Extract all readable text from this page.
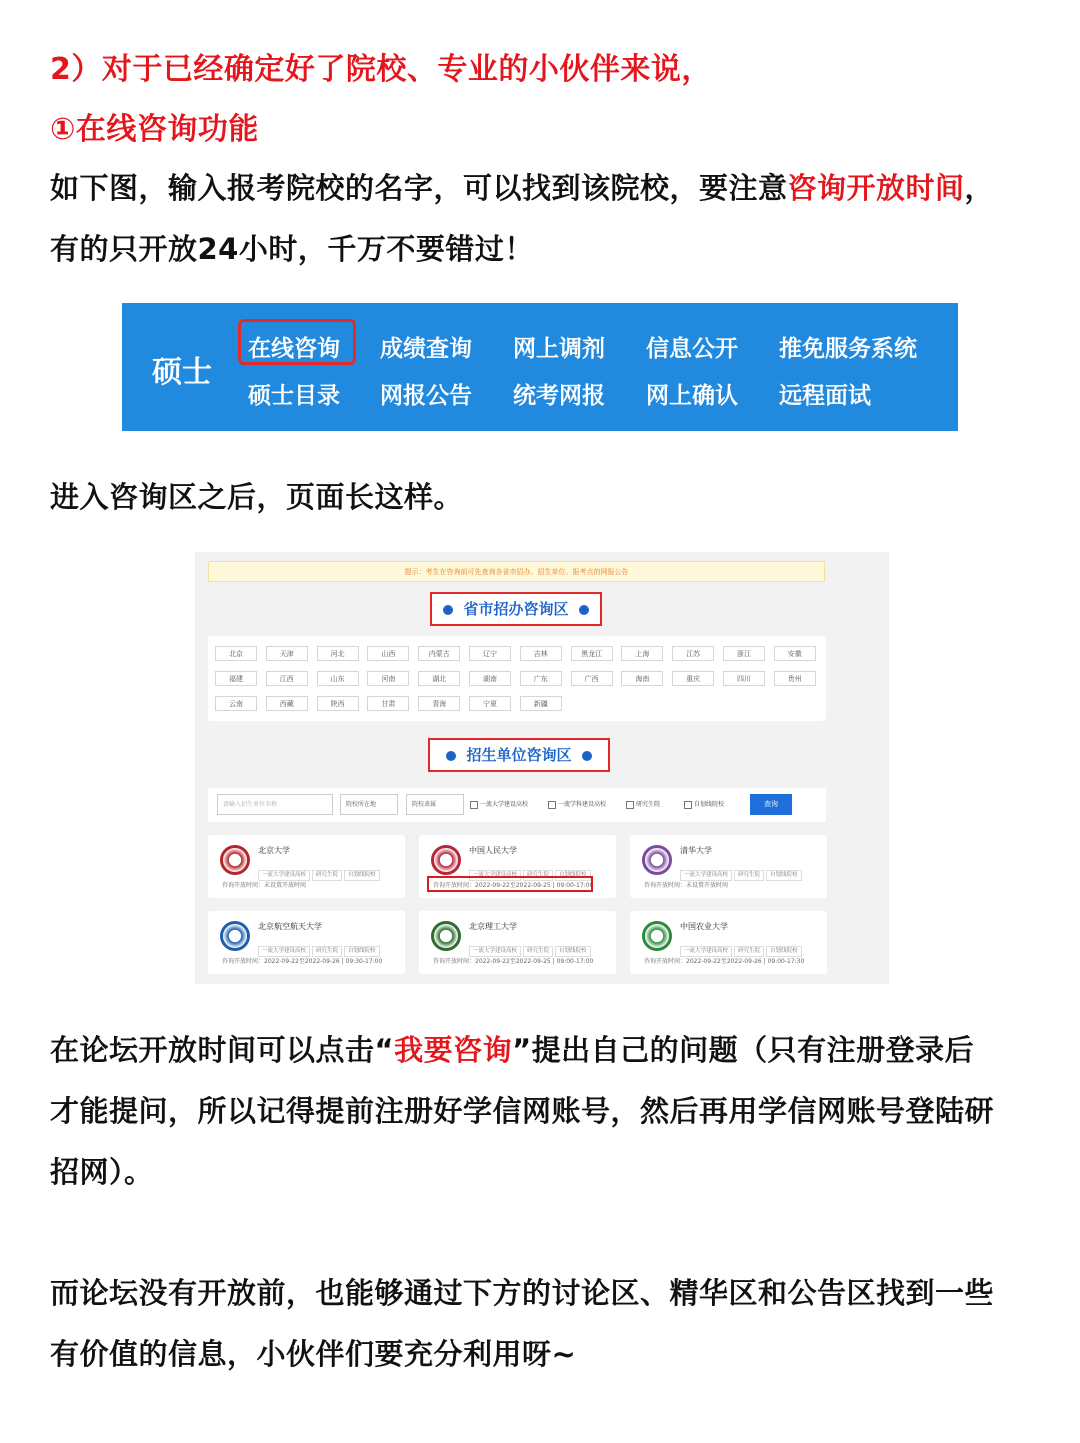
2）对于已经确定好了院校、专业的小伙伴来说，
①在线咨询功能
如下图，输入报考院校的名字，可以找到该院校，要注意咨询开放时间，
有的只开放24小时，千万不要错过！
硕士
在线咨询 成绩查询 网上调剂 信息公开 推免服务系统
硕士目录 网报公告 统考网报 网上确认 远程面试
进入咨询区之后，页面长这样。
提示：考生在咨询前可先查询各省市招办、招生单位、报考点的网报公告
省市招办咨询区
北京	天津	河北	山西	内蒙古	辽宁	吉林	黑龙江	上海	江苏	浙江	安徽
福建	江西	山东	河南	湖北	湖南	广东	广西	海南	重庆	四川	贵州
云南	西藏	陕西	甘肃	青海	宁夏	新疆
招生单位咨询区
请输入招生单位名称	院校所在地	院校隶属	一流大学建设高校	一流学科建设高校	研究生院	自划线院校	查询
北京大学
一流大学建设高校 研究生院 自划线院校
咨询开放时间：未设置开放时间
中国人民大学
一流大学建设高校 研究生院 自划线院校
咨询开放时间：2022-09-22至2022-09-25 | 09:00-17:00
清华大学
一流大学建设高校 研究生院 自划线院校
咨询开放时间：未设置开放时间
北京航空航天大学
一流大学建设高校 研究生院 自划线院校
咨询开放时间：2022-09-22至2022-09-26 | 09:30-17:00
北京理工大学
一流大学建设高校 研究生院 自划线院校
咨询开放时间：2022-09-22至2022-09-25 | 09:00-17:00
中国农业大学
一流大学建设高校 研究生院 自划线院校
咨询开放时间：2022-09-22至2022-09-26 | 09:00-17:30
在论坛开放时间可以点击“我要咨询”提出自己的问题（只有注册登录后
才能提问，所以记得提前注册好学信网账号，然后再用学信网账号登陆研
招网）。
而论坛没有开放前，也能够通过下方的讨论区、精华区和公告区找到一些
有价值的信息，小伙伴们要充分利用呀~
